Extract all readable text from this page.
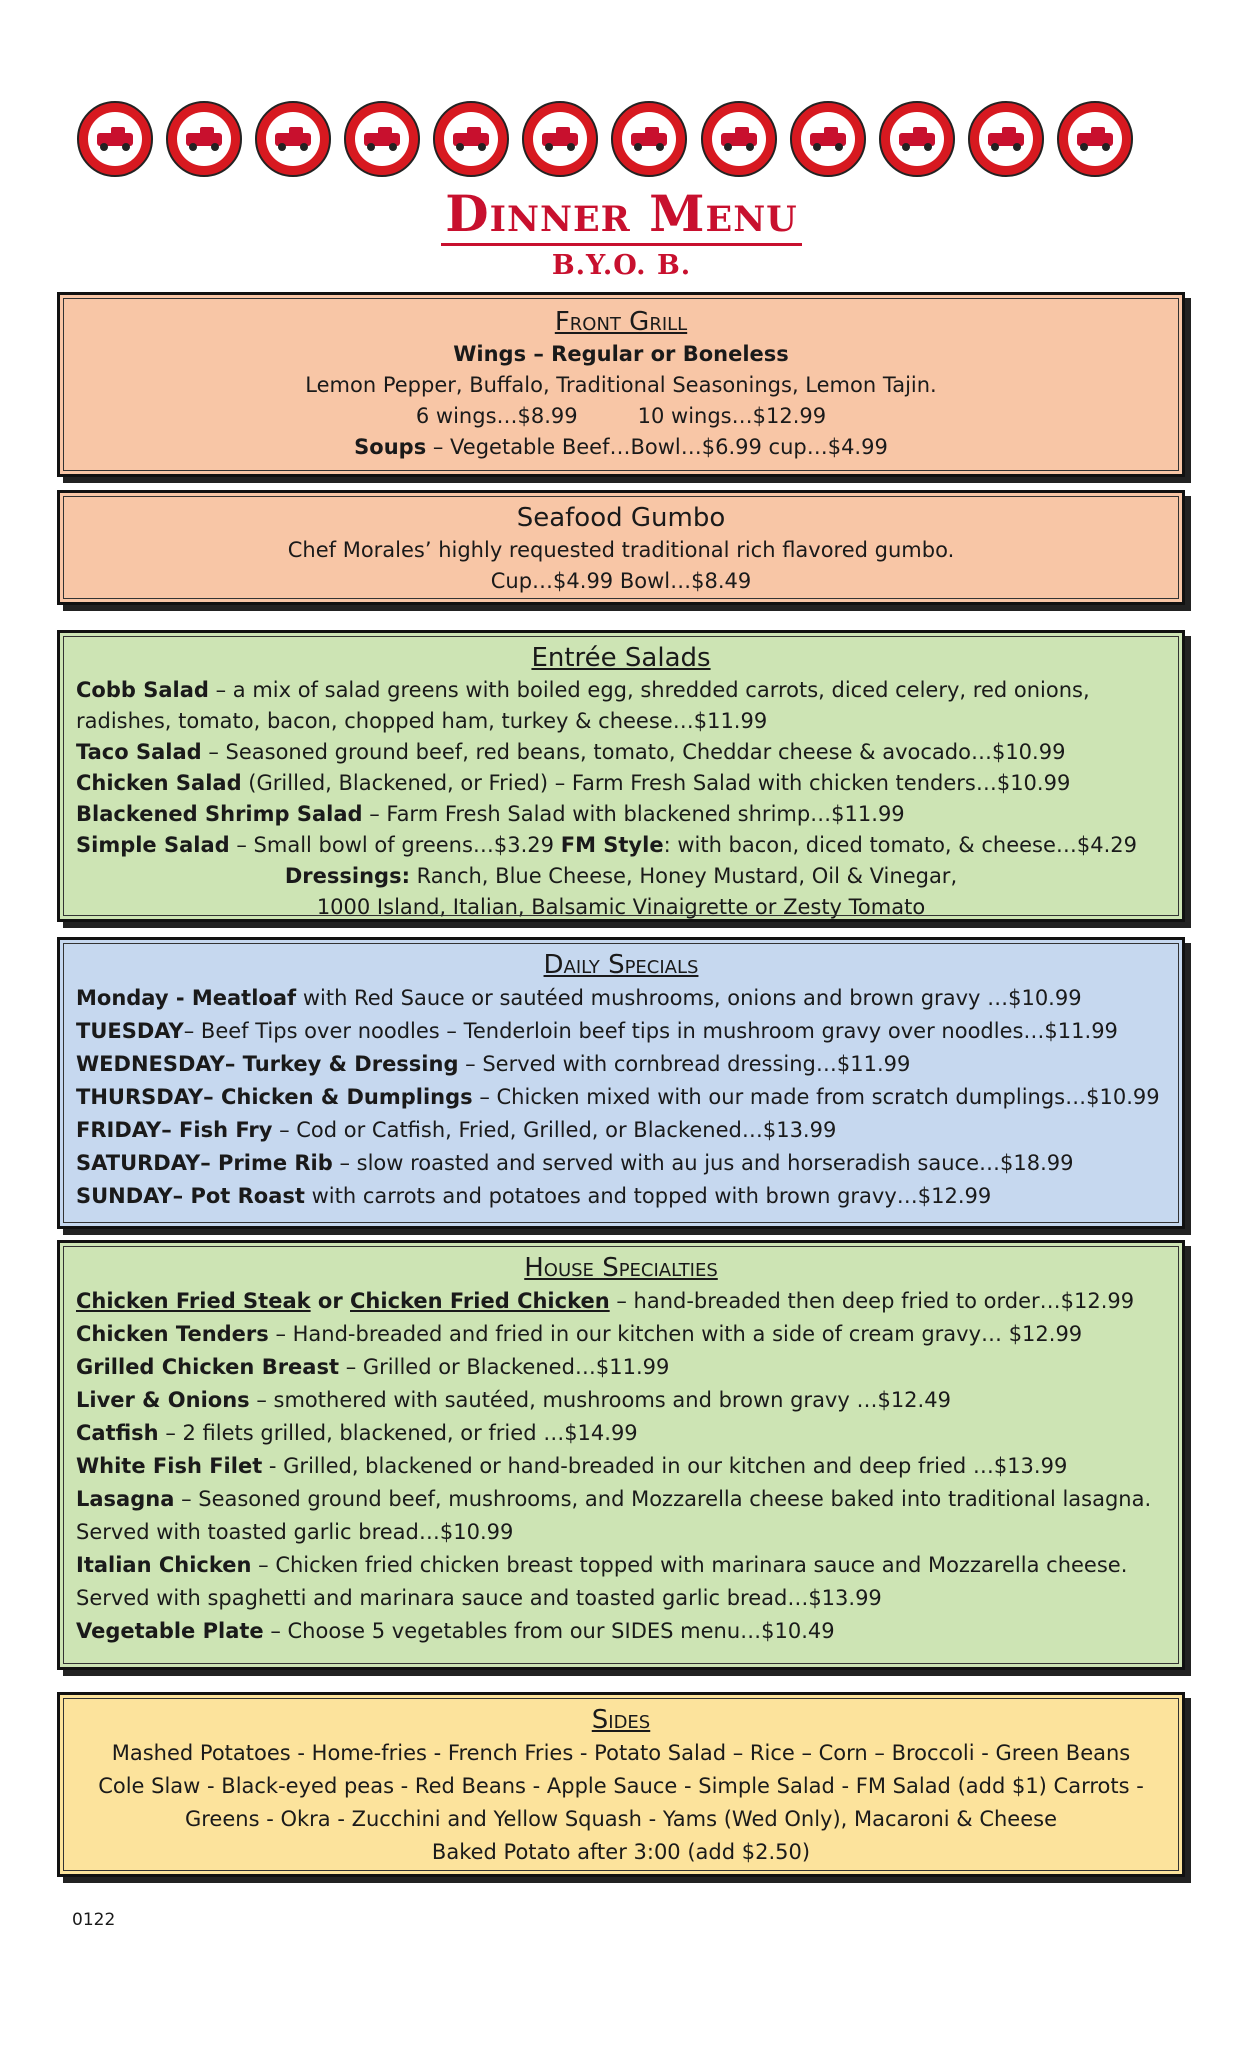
Dinner Menu
B.Y.O. B.
Front Grill
Wings – Regular or Boneless
Lemon Pepper, Buffalo, Traditional Seasonings, Lemon Tajin.
6 wings…$8.99	10 wings…$12.99
Soups – Vegetable Beef…Bowl…$6.99 cup…$4.99
Seafood Gumbo
Chef Morales’ highly requested traditional rich flavored gumbo.
Cup…$4.99 Bowl…$8.49
Entrée Salads
Cobb Salad – a mix of salad greens with boiled egg, shredded carrots, diced celery, red onions, radishes, tomato, bacon, chopped ham, turkey & cheese…$11.99
Taco Salad – Seasoned ground beef, red beans, tomato, Cheddar cheese & avocado…$10.99
Chicken Salad (Grilled, Blackened, or Fried) – Farm Fresh Salad with chicken tenders…$10.99
Blackened Shrimp Salad – Farm Fresh Salad with blackened shrimp…$11.99
Simple Salad – Small bowl of greens…$3.29 FM Style: with bacon, diced tomato, & cheese…$4.29
Dressings: Ranch, Blue Cheese, Honey Mustard, Oil & Vinegar,
1000 Island, Italian, Balsamic Vinaigrette or Zesty Tomato
Daily Specials
Monday - Meatloaf with Red Sauce or sautéed mushrooms, onions and brown gravy …$10.99
TUESDAY– Beef Tips over noodles – Tenderloin beef tips in mushroom gravy over noodles…$11.99
WEDNESDAY– Turkey & Dressing – Served with cornbread dressing…$11.99
THURSDAY– Chicken & Dumplings – Chicken mixed with our made from scratch dumplings…$10.99
FRIDAY– Fish Fry – Cod or Catfish, Fried, Grilled, or Blackened…$13.99
SATURDAY– Prime Rib – slow roasted and served with au jus and horseradish sauce…$18.99
SUNDAY– Pot Roast with carrots and potatoes and topped with brown gravy…$12.99
House Specialties
Chicken Fried Steak or Chicken Fried Chicken – hand-breaded then deep fried to order…$12.99
Chicken Tenders – Hand-breaded and fried in our kitchen with a side of cream gravy… $12.99
Grilled Chicken Breast – Grilled or Blackened…$11.99
Liver & Onions – smothered with sautéed, mushrooms and brown gravy …$12.49
Catfish – 2 filets grilled, blackened, or fried …$14.99
White Fish Filet - Grilled, blackened or hand-breaded in our kitchen and deep fried …$13.99
Lasagna – Seasoned ground beef, mushrooms, and Mozzarella cheese baked into traditional lasagna. Served with toasted garlic bread…$10.99
Italian Chicken – Chicken fried chicken breast topped with marinara sauce and Mozzarella cheese. Served with spaghetti and marinara sauce and toasted garlic bread…$13.99
Vegetable Plate – Choose 5 vegetables from our SIDES menu…$10.49
Sides
Mashed Potatoes - Home-fries - French Fries - Potato Salad – Rice – Corn – Broccoli - Green Beans Cole Slaw - Black-eyed peas - Red Beans - Apple Sauce - Simple Salad - FM Salad (add $1) Carrots - Greens - Okra - Zucchini and Yellow Squash - Yams (Wed Only), Macaroni & Cheese
Baked Potato after 3:00 (add $2.50)
0122
